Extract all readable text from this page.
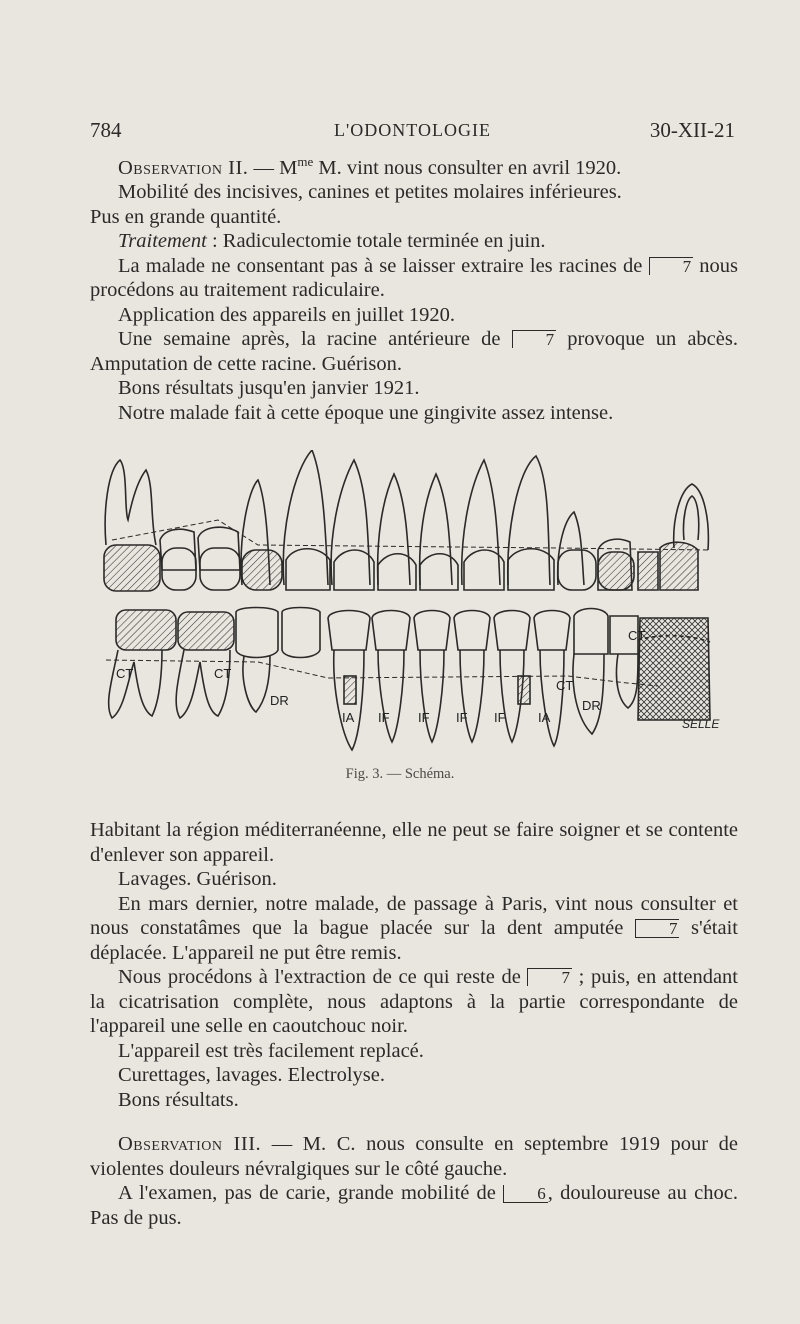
784	L'ODONTOLOGIE	30-XII-21

Observation II. — $M^{me}$ M. vint nous consulter en avril 1920.

Mobilité des incisives, canines et petites molaires inférieures.

Pus en grande quantité.

Traitement : Radiculectomie totale terminée en juin.

La malade ne consentant pas à se laisser extraire les racines de 7 nous procédons au traitement radiculaire.

Application des appareils en juillet 1920.

Une semaine après, la racine antérieure de 7 provoque un abcès. Amputation de cette racine. Guérison.

Bons résultats jusqu'en janvier 1921.

Notre malade fait à cette époque une gingivite assez intense.

CT	CT
DR
IA IF IF IF IF IA
CT
DR
CT
SELLE
Fig. 3. — Schéma.

Habitant la région méditerranéenne, elle ne peut se faire soigner et se contente d'enlever son appareil.

Lavages. Guérison.

En mars dernier, notre malade, de passage à Paris, vint nous consulter et nous constatâmes que la bague placée sur la dent amputée 7 s'était déplacée. L'appareil ne put être remis.

Nous procédons à l'extraction de ce qui reste de 7 ; puis, en attendant la cicatrisation complète, nous adaptons à la partie correspondante de l'appareil une selle en caoutchouc noir.

L'appareil est très facilement replacé.

Curettages, lavages. Electrolyse.

Bons résultats.

Observation III. — M. C. nous consulte en septembre 1919 pour de violentes douleurs névralgiques sur le côté gauche.

A l'examen, pas de carie, grande mobilité de 6, douloureuse au choc. Pas de pus.
